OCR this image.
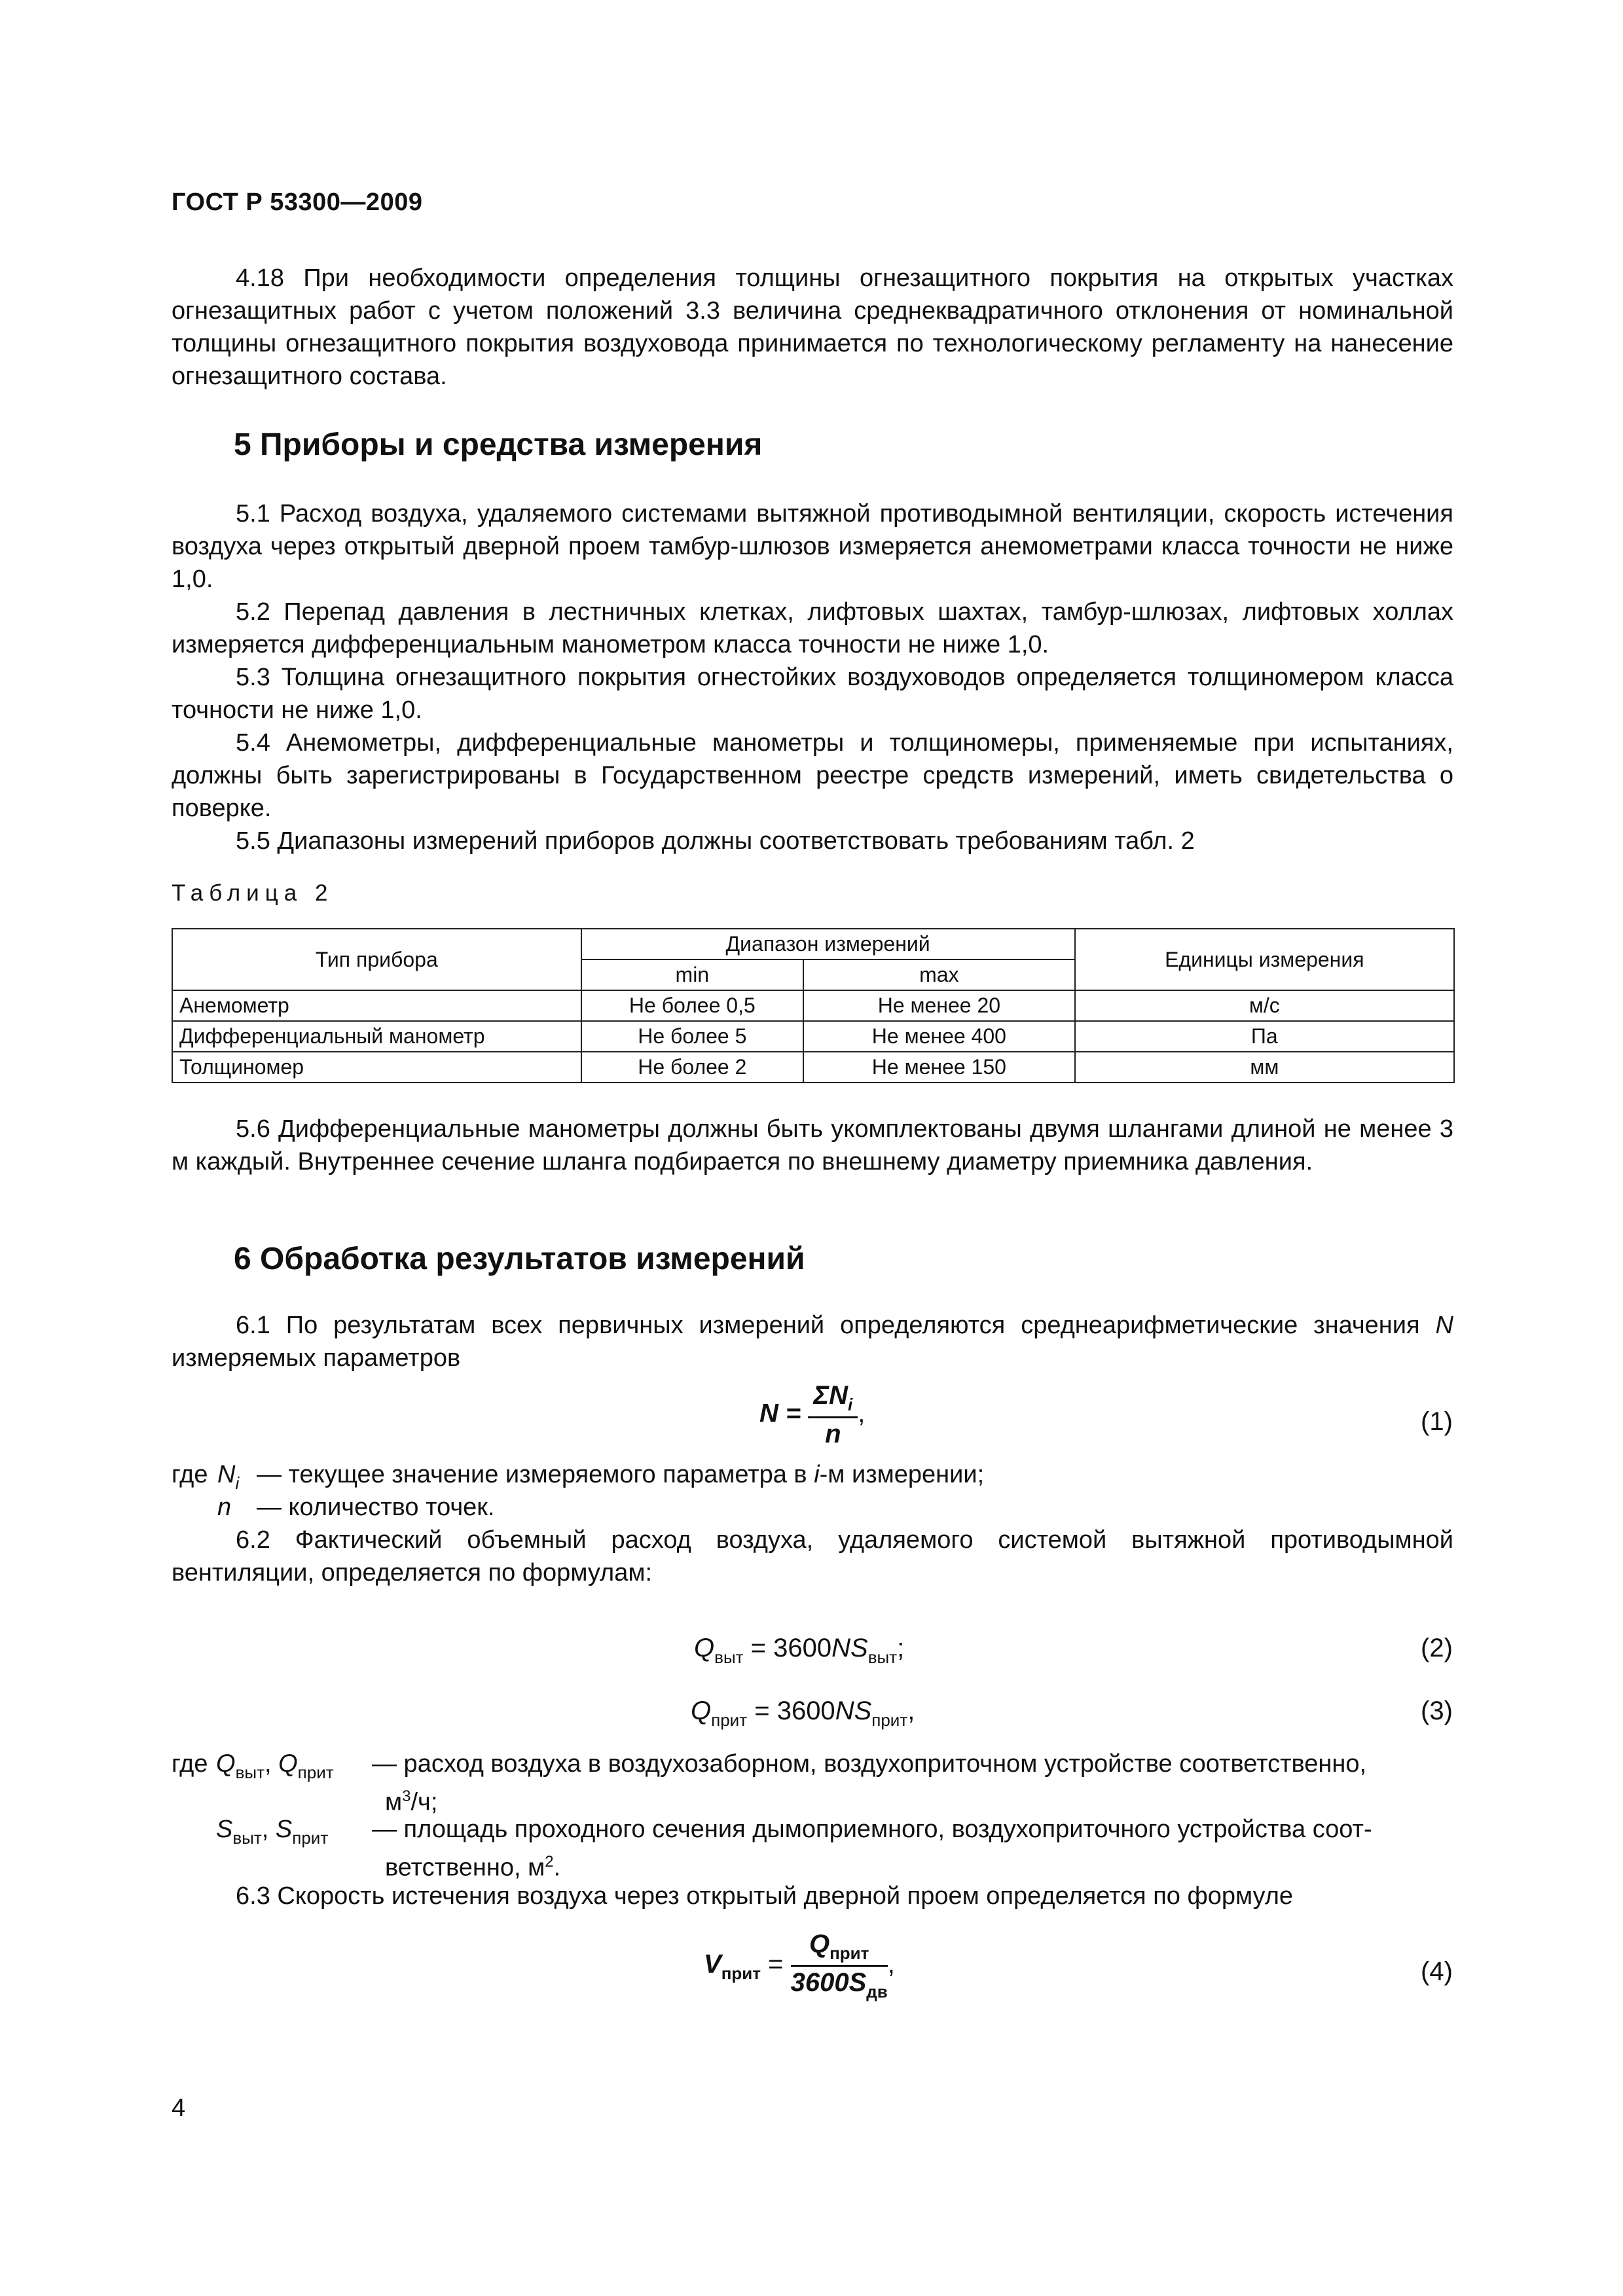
ГОСТ Р 53300—2009

4.18 При необходимости определения толщины огнезащитного покрытия на открытых участках огнезащитных работ с учетом положений 3.3 величина среднеквадратичного отклонения от номинальной толщины огнезащитного покрытия воздуховода принимается по технологическому регламенту на нанесение огнезащитного состава.

5 Приборы и средства измерения

5.1 Расход воздуха, удаляемого системами вытяжной противодымной вентиляции, скорость истечения воздуха через открытый дверной проем тамбур-шлюзов измеряется анемометрами класса точности не ниже 1,0.

5.2 Перепад давления в лестничных клетках, лифтовых шахтах, тамбур-шлюзах, лифтовых холлах измеряется дифференциальным манометром класса точности не ниже 1,0.

5.3 Толщина огнезащитного покрытия огнестойких воздуховодов определяется толщиномером класса точности не ниже 1,0.

5.4 Анемометры, дифференциальные манометры и толщиномеры, применяемые при испытаниях, должны быть зарегистрированы в Государственном реестре средств измерений, иметь свидетельства о поверке.

5.5 Диапазоны измерений приборов должны соответствовать требованиям табл. 2

Таблица 2
Тип прибора	Диапазон измерений		Единицы измерения
	min	max	
Анемометр	Не более 0,5	Не менее 20	м/с
Дифференциальный манометр	Не более 5	Не менее 400	Па
Толщиномер	Не более 2	Не менее 150	мм

5.6 Дифференциальные манометры должны быть укомплектованы двумя шлангами длиной не менее 3 м каждый. Внутреннее сечение шланга подбирается по внешнему диаметру приемника давления.

6 Обработка результатов измерений

6.1 По результатам всех первичных измерений определяются среднеарифметические значения N измеряемых параметров

$N = \frac{\Sigma N_i}{n}$ ,	(1)
где $N_i$ — текущее значение измеряемого параметра в i-м измерении;
n — количество точек.

6.2 Фактический объемный расход воздуха, удаляемого системой вытяжной противодымной вентиляции, определяется по формулам:

$Q_{выт} = 3600NS_{выт}$;	(2)
$Q_{прит} = 3600NS_{прит}$,	(3)
где $Q_{выт}$, $Q_{прит}$ — расход воздуха в воздухозаборном, воздухоприточном устройстве соответственно,
$м^3/ч$;
$S_{выт}$, $S_{прит}$ — площадь проходного сечения дымоприемного, воздухоприточного устройства соот-
ветственно, $м^2$.

6.3 Скорость истечения воздуха через открытый дверной проем определяется по формуле

$V_{прит} = \frac{Q_{прит}}{3600S_{дв}}$ ,	(4)
4
